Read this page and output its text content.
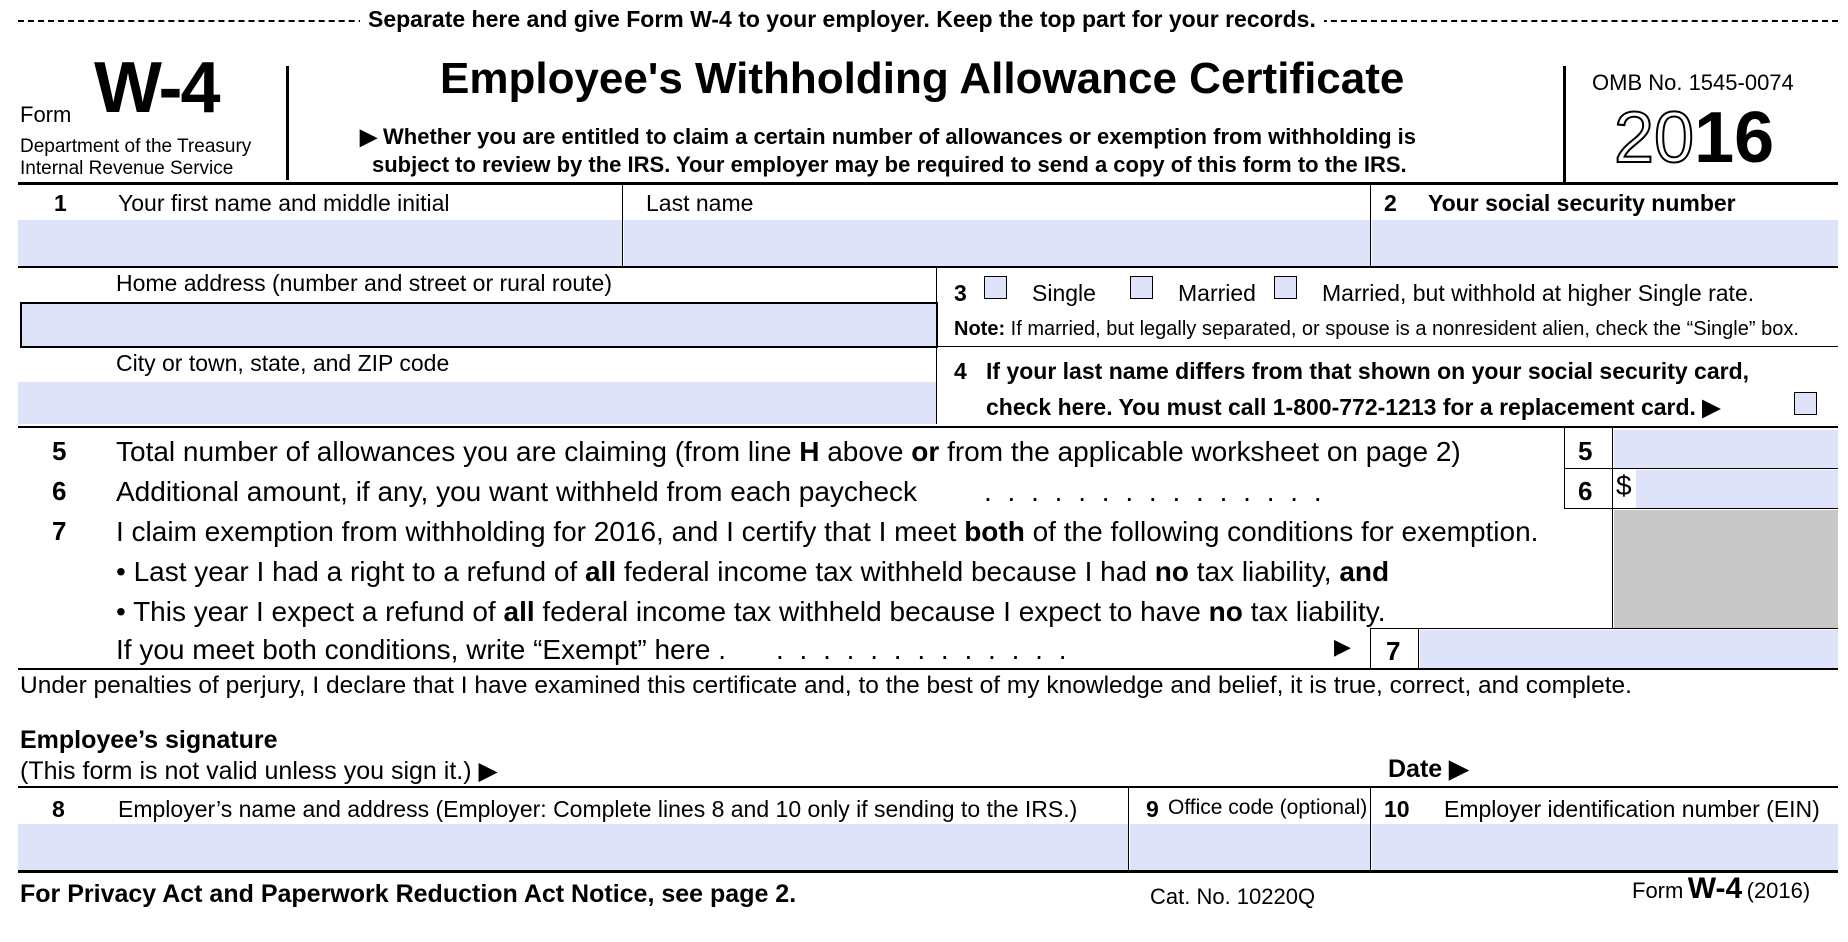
Separate here and give Form W-4 to your employer. Keep the top part for your records.
Form W-4
Department of the Treasury
Internal Revenue Service
Employee's Withholding Allowance Certificate
▶ Whether you are entitled to claim a certain number of allowances or exemption from withholding is
subject to review by the IRS. Your employer may be required to send a copy of this form to the IRS.
OMB No. 1545-0074
2016
1 Your first name and middle initial	Last name	2 Your social security number
Home address (number and street or rural route)	3	Single	Married	Married, but withhold at higher Single rate.
Note: If married, but legally separated, or spouse is a nonresident alien, check the “Single” box.
City or town, state, and ZIP code	4 If your last name differs from that shown on your social security card,
check here. You must call 1-800-772-1213 for a replacement card. ▶
5 Total number of allowances you are claiming (from line H above or from the applicable worksheet on page 2)	5
6 Additional amount, if any, you want withheld from each paycheck . . . . . . . . . . . . . . .	6 $
7 I claim exemption from withholding for 2016, and I certify that I meet both of the following conditions for exemption.
• Last year I had a right to a refund of all federal income tax withheld because I had no tax liability, and
• This year I expect a refund of all federal income tax withheld because I expect to have no tax liability.
If you meet both conditions, write “Exempt” here . . . . . . . . . . . . . .	▶ 7
Under penalties of perjury, I declare that I have examined this certificate and, to the best of my knowledge and belief, it is true, correct, and complete.
Employee’s signature
(This form is not valid unless you sign it.) ▶	Date ▶
8 Employer’s name and address (Employer: Complete lines 8 and 10 only if sending to the IRS.)	9 Office code (optional) 10 Employer identification number (EIN)
For Privacy Act and Paperwork Reduction Act Notice, see page 2.	Cat. No. 10220Q	Form W-4 (2016)
